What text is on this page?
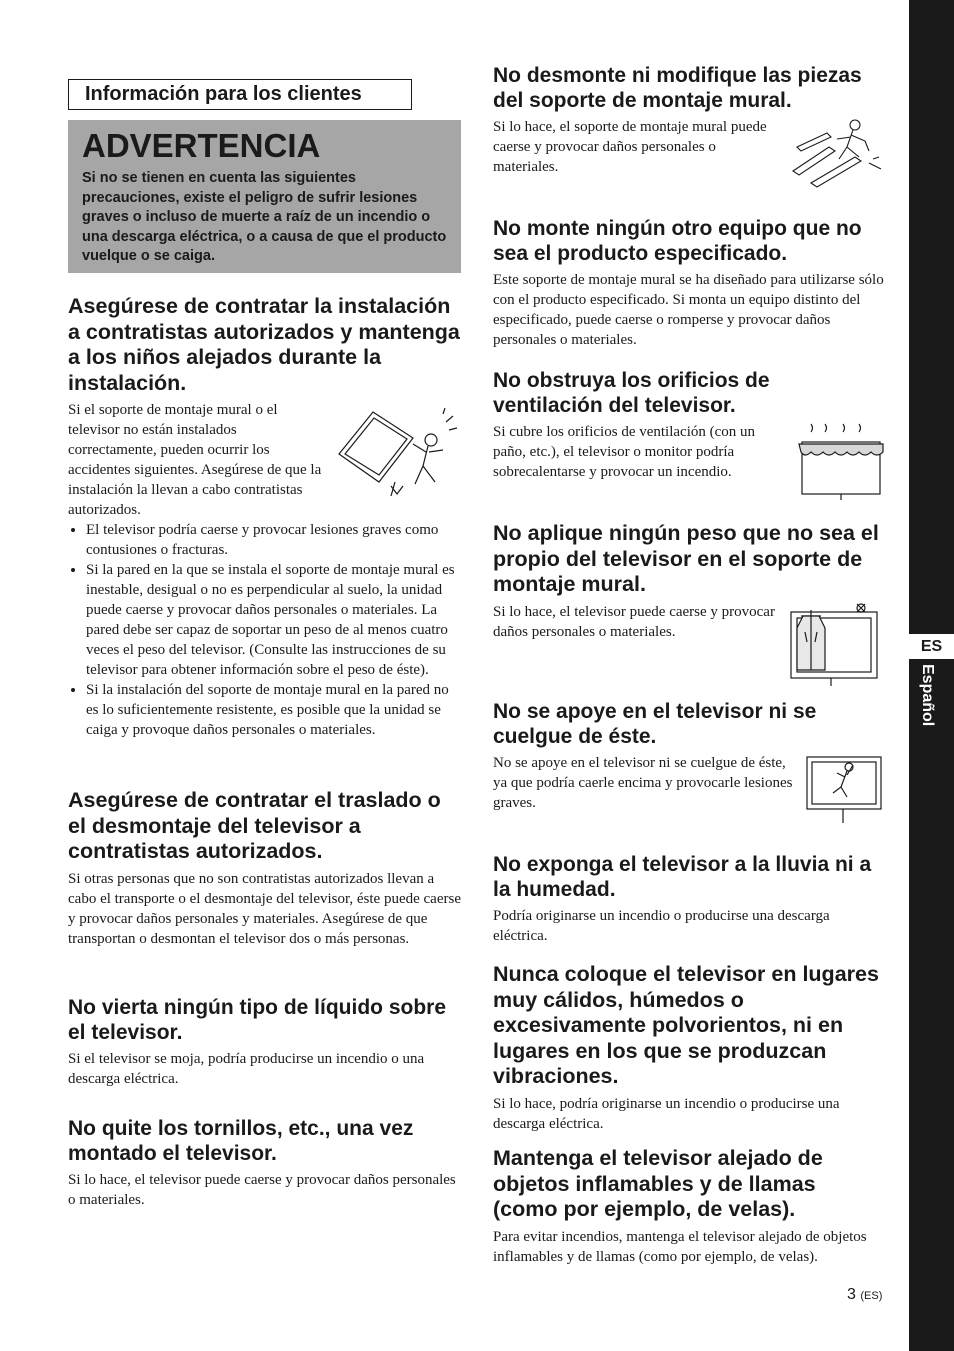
Información para los clientes
ADVERTENCIA

Si no se tienen en cuenta las siguientes precauciones, existe el peligro de sufrir lesiones graves o incluso de muerte a raíz de un incendio o una descarga eléctrica, o a causa de que el producto vuelque o se caiga.

Asegúrese de contratar la instalación a contratistas autorizados y mantenga a los niños alejados durante la instalación.

Si el soporte de montaje mural o el televisor no están instalados correctamente, pueden ocurrir los accidentes siguientes. Asegúrese de que la instalación la llevan a cabo contratistas autorizados.

• El televisor podría caerse y provocar lesiones graves como contusiones o fracturas.
• Si la pared en la que se instala el soporte de montaje mural es inestable, desigual o no es perpendicular al suelo, la unidad puede caerse y provocar daños personales o materiales. La pared debe ser capaz de soportar un peso de al menos cuatro veces el peso del televisor. (Consulte las instrucciones de su televisor para obtener información sobre el peso de éste).
• Si la instalación del soporte de montaje mural en la pared no es lo suficientemente resistente, es posible que la unidad se caiga y provoque daños personales o materiales.
Asegúrese de contratar el traslado o el desmontaje del televisor a contratistas autorizados.

Si otras personas que no son contratistas autorizados llevan a cabo el transporte o el desmontaje del televisor, éste puede caerse y provocar daños personales y materiales. Asegúrese de que transportan o desmontan el televisor dos o más personas.

No vierta ningún tipo de líquido sobre el televisor.

Si el televisor se moja, podría producirse un incendio o una descarga eléctrica.

No quite los tornillos, etc., una vez montado el televisor.

Si lo hace, el televisor puede caerse y provocar daños personales o materiales.

No desmonte ni modifique las piezas del soporte de montaje mural.

Si lo hace, el soporte de montaje mural puede caerse y provocar daños personales o materiales.

No monte ningún otro equipo que no sea el producto especificado.

Este soporte de montaje mural se ha diseñado para utilizarse sólo con el producto especificado. Si monta un equipo distinto del especificado, puede caerse o romperse y provocar daños personales o materiales.

No obstruya los orificios de ventilación del televisor.

Si cubre los orificios de ventilación (con un paño, etc.), el televisor o monitor podría sobrecalentarse y provocar un incendio.

No aplique ningún peso que no sea el propio del televisor en el soporte de montaje mural.

Si lo hace, el televisor puede caerse y provocar daños personales o materiales.

No se apoye en el televisor ni se cuelgue de éste.

No se apoye en el televisor ni se cuelgue de éste, ya que podría caerle encima y provocarle lesiones graves.

No exponga el televisor a la lluvia ni a la humedad.

Podría originarse un incendio o producirse una descarga eléctrica.

Nunca coloque el televisor en lugares muy cálidos, húmedos o excesivamente polvorientos, ni en lugares en los que se produzcan vibraciones.

Si lo hace, podría originarse un incendio o producirse una descarga eléctrica.

Mantenga el televisor alejado de objetos inflamables y de llamas (como por ejemplo, de velas).

Para evitar incendios, mantenga el televisor alejado de objetos inflamables y de llamas (como por ejemplo, de velas).

ES
Español
3 (ES)
